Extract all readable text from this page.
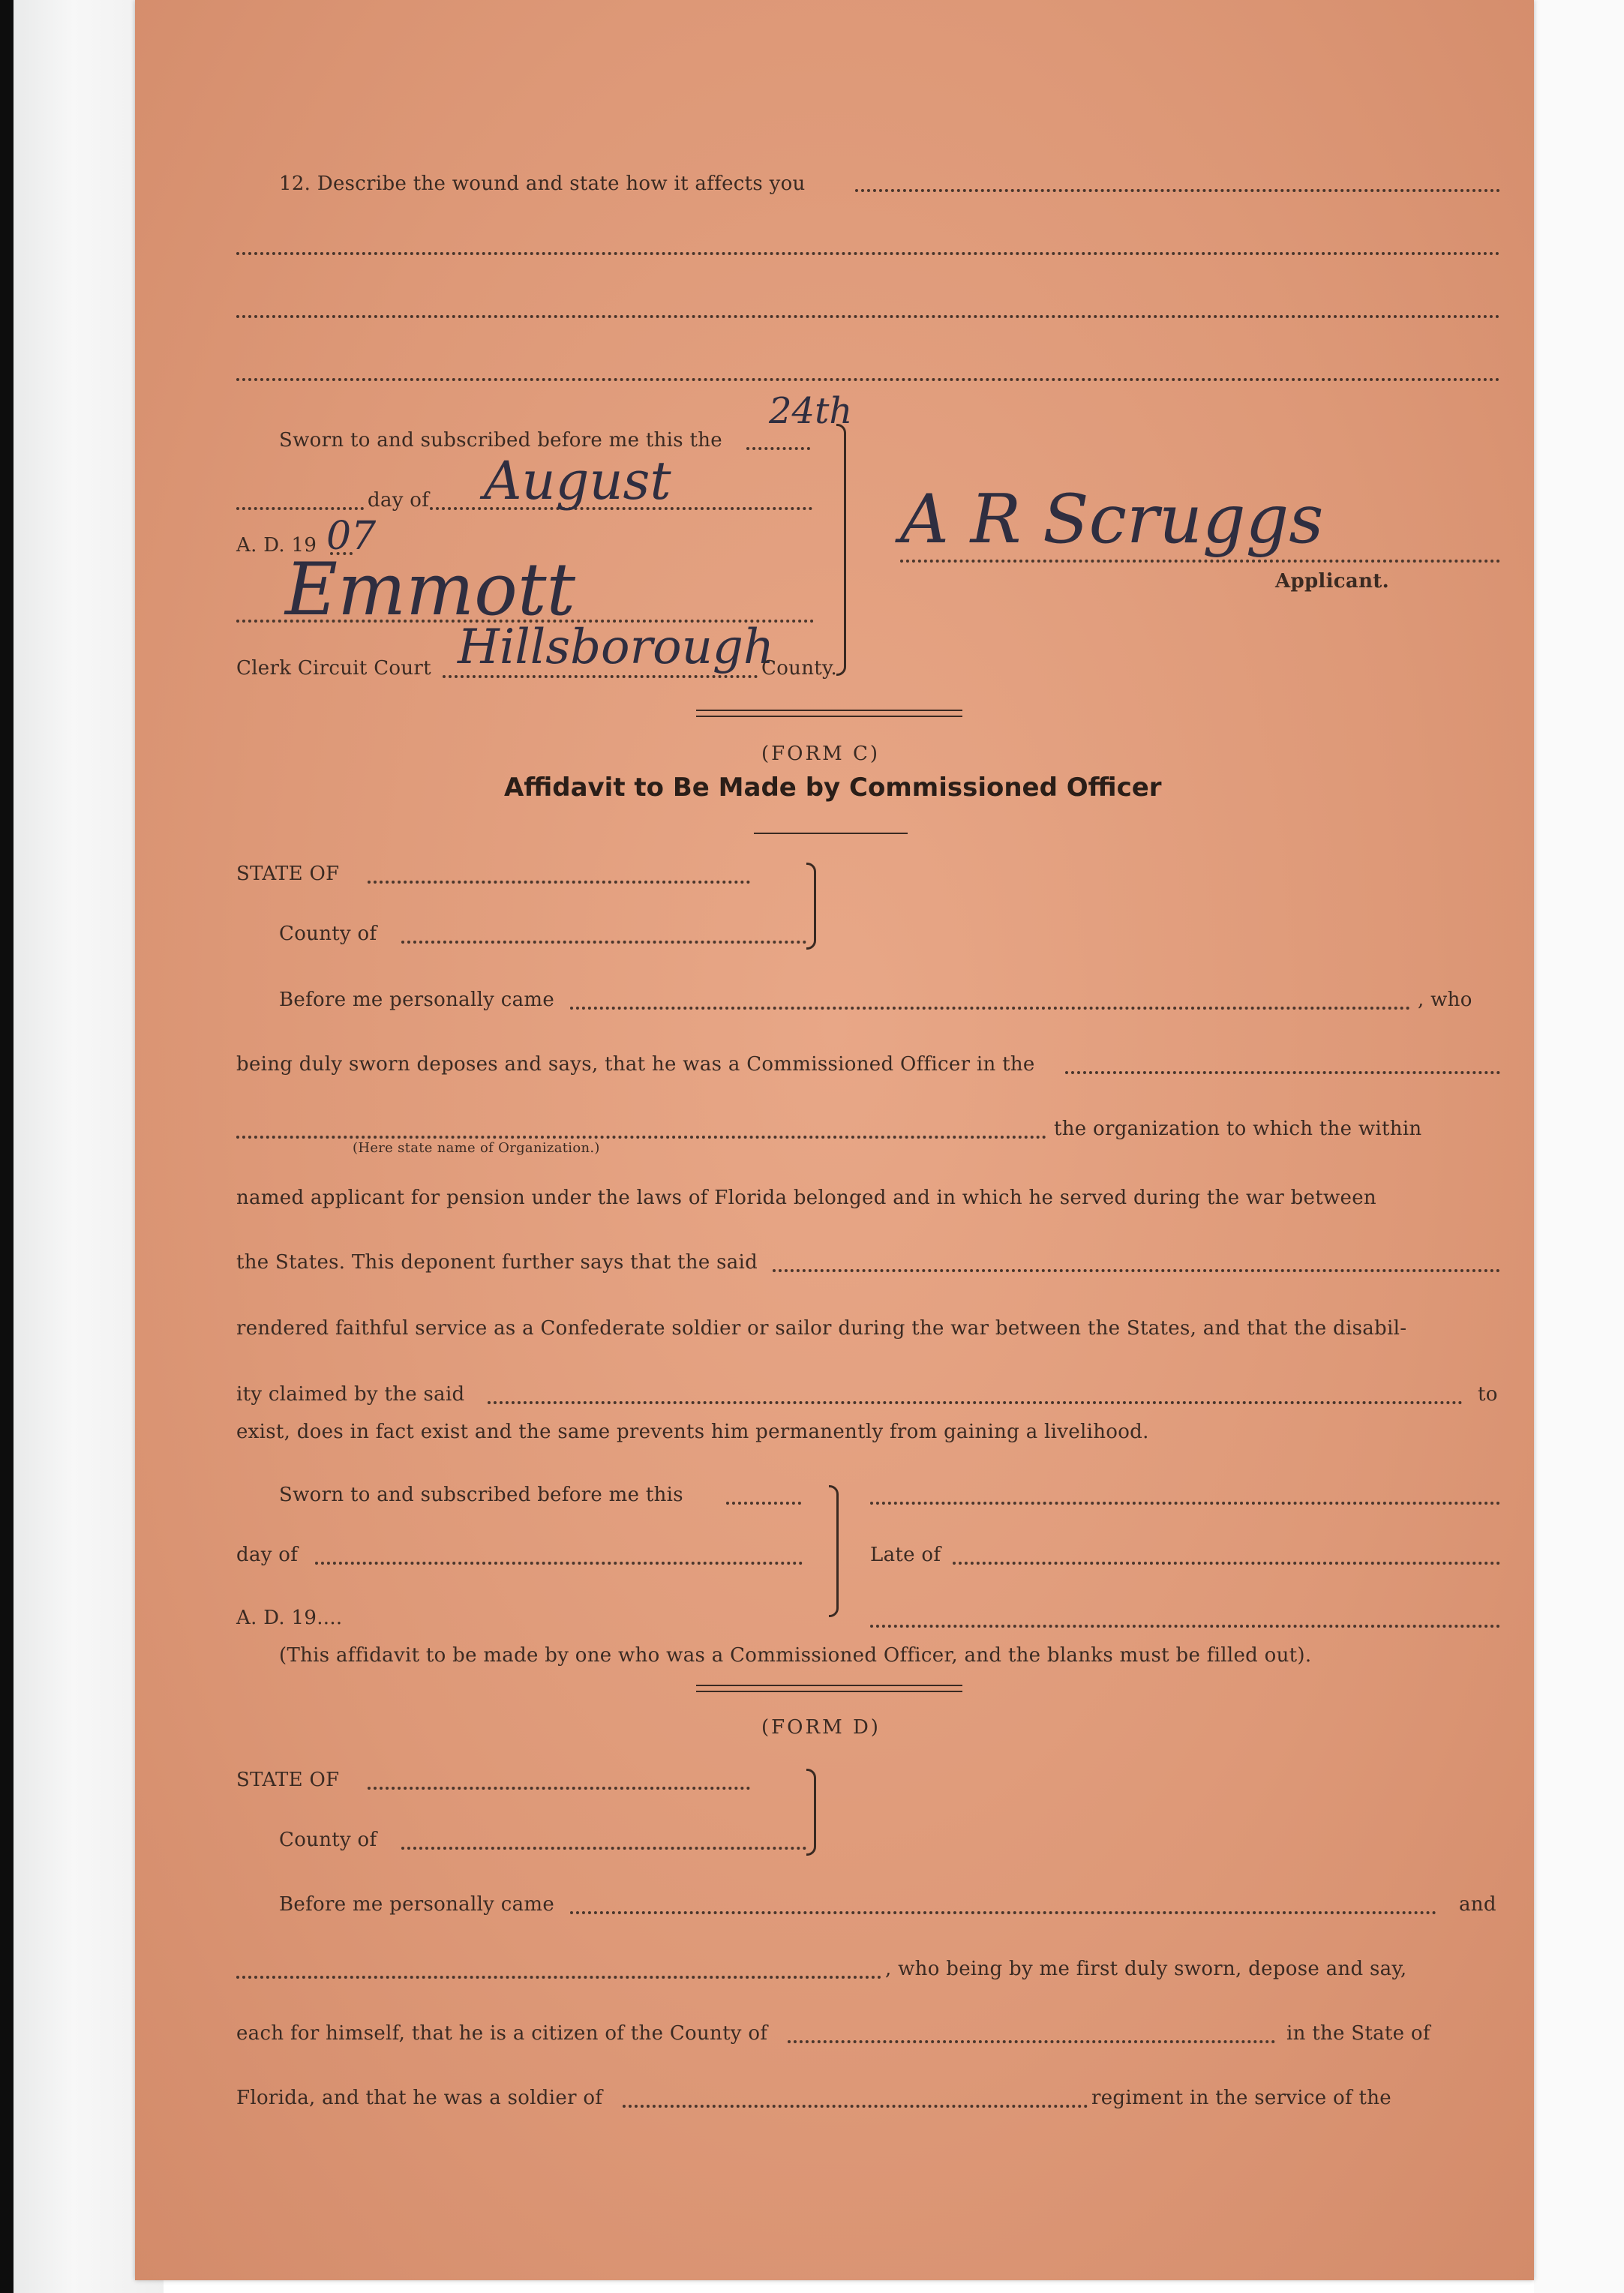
12. Describe the wound and state how it affects you
Sworn to and subscribed before me this the
24th
day of August
A. D. 19 07
Emmott
Clerk Circuit Court Hillsborough
County.
A R Scruggs
Applicant.
(FORM C)
Affidavit to Be Made by Commissioned Officer
STATE OF
County of
Before me personally came	, who
being duly sworn deposes and says, that he was a Commissioned Officer in the
the organization to which the within
(Here state name of Organization.)
named applicant for pension under the laws of Florida belonged and in which he served during the war between
the States. This deponent further says that the said
rendered faithful service as a Confederate soldier or sailor during the war between the States, and that the disabil-
ity claimed by the said	to
exist, does in fact exist and the same prevents him permanently from gaining a livelihood.
Sworn to and subscribed before me this
day of
A. D. 19....
Late of
(This affidavit to be made by one who was a Commissioned Officer, and the blanks must be filled out).
(FORM D)
STATE OF
County of
Before me personally came	and
, who being by me first duly sworn, depose and say,
each for himself, that he is a citizen of the County of	in the State of
Florida, and that he was a soldier of	regiment in the service of the
